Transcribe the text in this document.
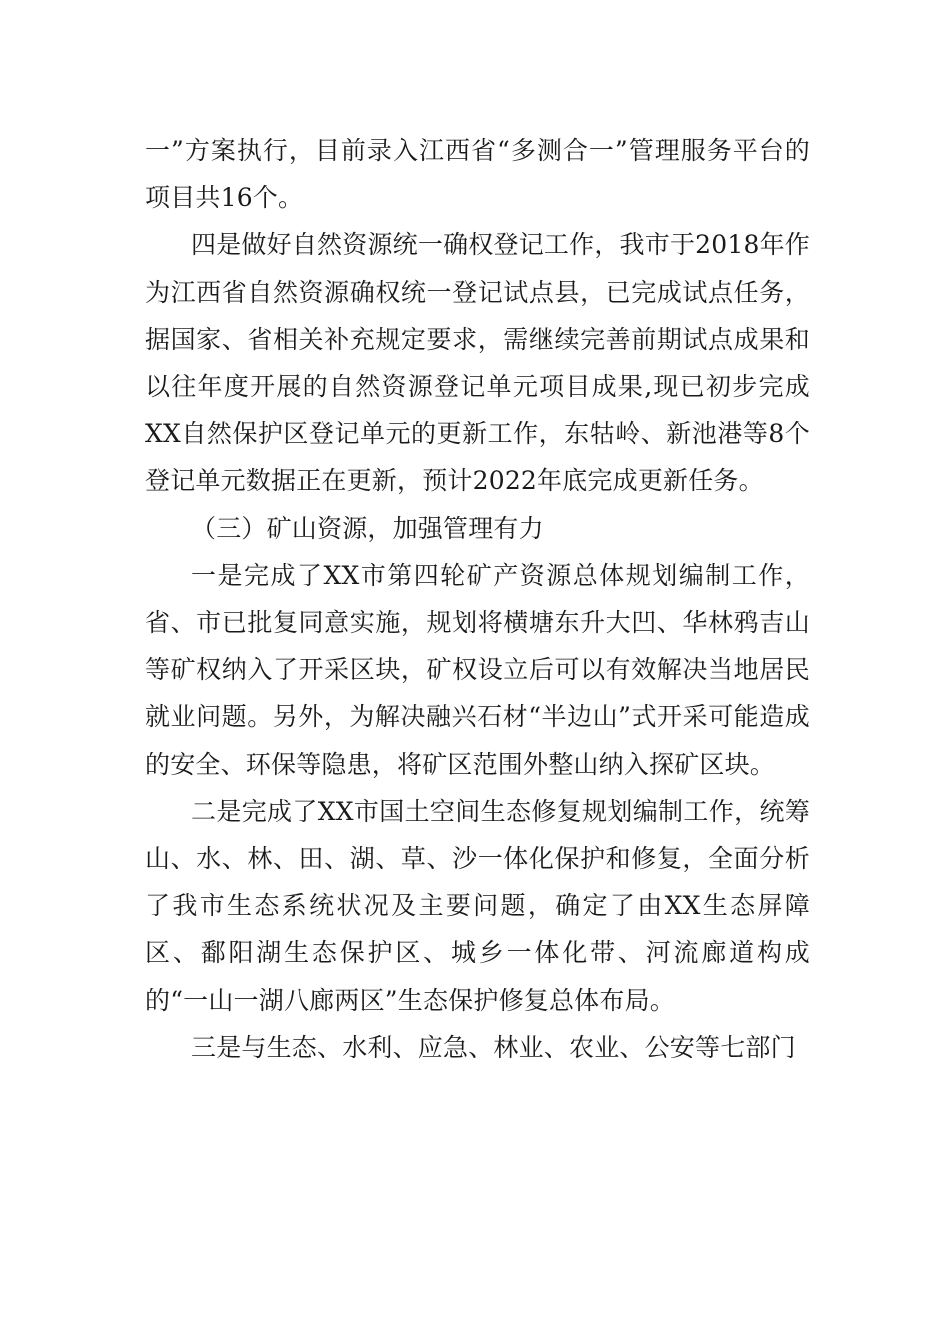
一”方案执行，目前录入江西省“多测合一”管理服务平台的项目共16个。

四是做好自然资源统一确权登记工作，我市于2018年作为江西省自然资源确权统一登记试点县，已完成试点任务，据国家、省相关补充规定要求，需继续完善前期试点成果和以往年度开展的自然资源登记单元项目成果,现已初步完成XX自然保护区登记单元的更新工作，东牯岭、新池港等8个登记单元数据正在更新，预计2022年底完成更新任务。

（三）矿山资源，加强管理有力

一是完成了XX市第四轮矿产资源总体规划编制工作，省、市已批复同意实施，规划将横塘东升大凹、华林鸦吉山等矿权纳入了开采区块，矿权设立后可以有效解决当地居民就业问题。另外，为解决融兴石材“半边山”式开采可能造成的安全、环保等隐患，将矿区范围外整山纳入探矿区块。

二是完成了XX市国土空间生态修复规划编制工作，统筹山、水、林、田、湖、草、沙一体化保护和修复，全面分析了我市生态系统状况及主要问题，确定了由XX生态屏障区、鄱阳湖生态保护区、城乡一体化带、河流廊道构成的“一山一湖八廊两区”生态保护修复总体布局。

三是与生态、水利、应急、林业、农业、公安等七部门
